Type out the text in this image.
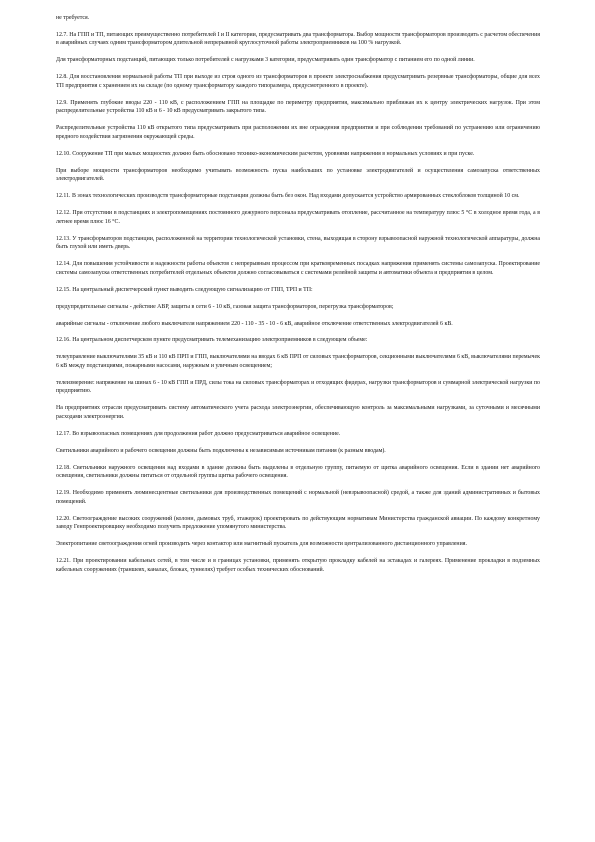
не требуется.

12.7. На ГПП и ТП, питающих преимущественно потребителей I и II категории, предусматривать два трансформатора. Выбор мощности трансформаторов производить с расчетом обеспечения в аварийных случаях одним трансформатором длительной непрерывной круглосуточной работы электроприемников на 100 % нагрузкой.

Для трансформаторных подстанций, питающих только потребителей с нагрузками 3 категории, предусматривать один трансформатор с питанием его по одной линии.

12.8. Для восстановления нормальной работы ТП при выходе из строя одного из трансформаторов в проекте электроснабжения предусматривать резервные трансформаторы, общие для всех ТП предприятия с хранением их на складе (по одному трансформатору каждого типоразмера, предусмотренного в проекте).

12.9. Применять глубокие вводы 220 - 110 кВ, с расположением ГПП на площадке по периметру предприятия, максимально приближая их к центру электрических нагрузок. При этом распределительные устройства 110 кВ и 6 - 10 кВ предусматривать закрытого типа.

Распределительные устройства 110 кВ открытого типа предусматривать при расположении их вне ограждения предприятия и при соблюдении требований по устранению или ограничению вредного воздействия загрязнения окружающей среды.

12.10. Сооружение ТП при малых мощностях должно быть обосновано технико-экономическим расчетом, уровнями напряжения в нормальных условиях и при пуске.

При выборе мощности трансформаторов необходимо учитывать возможность пуска наибольших по установке электродвигателей и осуществления самозапуска ответственных электродвигателей.

12.11. В зонах технологических производств трансформаторные подстанции должны быть без окон. Над входами допускается устройство армированных стеклоблоков толщиной 10 см.

12.12. При отсутствии в подстанциях и электропомещениях постоянного дежурного персонала предусматривать отопление, рассчитанное на температуру плюс 5 °С в холодное время года, а в летнее время плюс 16 °С.

12.13. У трансформаторов подстанции, расположенной на территории технологической установки, стена, выходящая в сторону взрывоопасной наружной технологической аппаратуры, должна быть глухой или иметь дверь.

12.14. Для повышения устойчивости и надежности работы объектов с непрерывным процессом при кратковременных посадках напряжения применять системы самозапуска. Проектирование системы самозапуска ответственных потребителей отдельных объектов должно согласовываться с системами релейной защиты и автоматики объекта и предприятия в целом.

12.15. На центральный диспетчерский пункт выводить следующую сигнализацию от ГПП, ТРП и ТП:

предупредительные сигналы - действие АВР, защиты в сети 6 - 10 кВ, газовая защита трансформаторов, перегрузка трансформаторов;

аварийные сигналы - отключение любого выключателя напряжением 220 - 110 - 35 - 10 - 6 кВ, аварийное отключение ответственных электродвигателей 6 кВ.

12.16. На центральном диспетчерском пункте предусматривать телемеханизацию электроприемников в следующем объеме:

телеуправление выключателями 35 кВ и 110 кВ ПРП и ГПП, выключателями на вводах 6 кВ ПРП от силовых трансформаторов, секционными выключателями 6 кВ, выключателями перемычек 6 кВ между подстанциями, пожарными насосами, наружным и уличным освещением;

телеизмерение: напряжение на шинах 6 - 10 кВ ГПП и ПРД, силы тока на силовых трансформаторах и отходящих фидерах, нагрузки трансформаторов и суммарной электрической нагрузки по предприятию.

На предприятиях отрасли предусматривать систему автоматического учета расхода электроэнергии, обеспечивающую контроль за максимальными нагрузками, за суточными и месячными расходами электроэнергии.

12.17. Во взрывоопасных помещениях для продолжения работ должно предусматриваться аварийное освещение.

Светильники аварийного и рабочего освещения должны быть подключены к независимым источникам питания (к разным вводам).

12.18. Светильники наружного освещения над входами в здание должны быть выделены в отдельную группу, питаемую от щитка аварийного освещения. Если в здании нет аварийного освещения, светильники должны питаться от отдельной группы щитка рабочего освещения.

12.19. Необходимо применять люминесцентные светильники для производственных помещений с нормальной (невзрывоопасной) средой, а также для зданий административных и бытовых помещений.

12.20. Светоограждение высоких сооружений (колонн, дымовых труб, этажерок) проектировать по действующим нормативам Министерства гражданской авиации. По каждому конкретному заводу Генпроектировщику необходимо получить предложение упомянутого министерства.

Электропитание светоограждения огней производить через контактор или магнитный пускатель для возможности централизованного дистанционного управления.

12.21. При проектировании кабельных сетей, в том числе и в границах установки, применять открытую прокладку кабелей на эстакадах и галереях. Применение прокладки в подземных кабельных сооружениях (траншеях, каналах, блоках, туннелях) требует особых технических обоснований.
